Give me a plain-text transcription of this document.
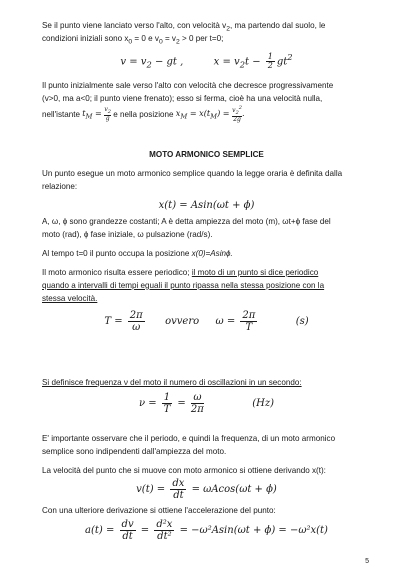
Se il punto viene lanciato verso l'alto, con velocità $v_2$, ma partendo dal suolo, le
condizioni iniziali sono $x_0 = 0$ e $v_0 = v_2 > 0$ per t=0;
$v = v_2$ − gt ,	$x = v_2t - \frac{1}{2} gt^2$
Il punto inizialmente sale verso l'alto con velocità che decresce progressivamente
(v>0, ma a<0; il punto viene frenato); esso si ferma, cioè ha una velocità nulla,
nell'istante $t_M = \frac{v_2}{g}$ e nella posizione $x_M = x(t_M) = \frac{v_2^2}{2g}$ .
MOTO ARMONICO SEMPLICE
Un punto esegue un moto armonico semplice quando la legge oraria è definita dalla
relazione:
x(t) = Asin(ωt + ϕ)
A, ω, ϕ sono grandezze costanti; A è detta ampiezza del moto (m), ωt+ϕ fase del
moto (rad), ϕ fase iniziale, ω pulsazione (rad/s).
Al tempo t=0 il punto occupa la posizione x(0)=Asinϕ.
Il moto armonico risulta essere periodico; il moto di un punto si dice periodico
quando a intervalli di tempi eguali il punto ripassa nella stessa posizione con la
stessa velocità.
$T = \frac{2\pi}{\omega}$ ovvero $\omega = \frac{2\pi}{T}$	(s)
Si definisce frequenza ν del moto il numero di oscillazioni in un secondo:
$\nu = \frac{1}{T} = \frac{\omega}{2\pi}$	(Hz)
E' importante osservare che il periodo, e quindi la frequenza, di un moto armonico
semplice sono indipendenti dall'ampiezza del moto.
La velocità del punto che si muove con moto armonico si ottiene derivando x(t):
$v(t) = \frac{dx}{dt} = \omega Acos(\omega t + \phi)$
Con una ulteriore derivazione si ottiene l'accelerazione del punto:
$a(t) = \frac{dv}{dt} = \frac{\text{d²x}}{\text{dt²}} = -\omega^2Asin(\omega t + \phi) = -\omega^2x(t)$
5
